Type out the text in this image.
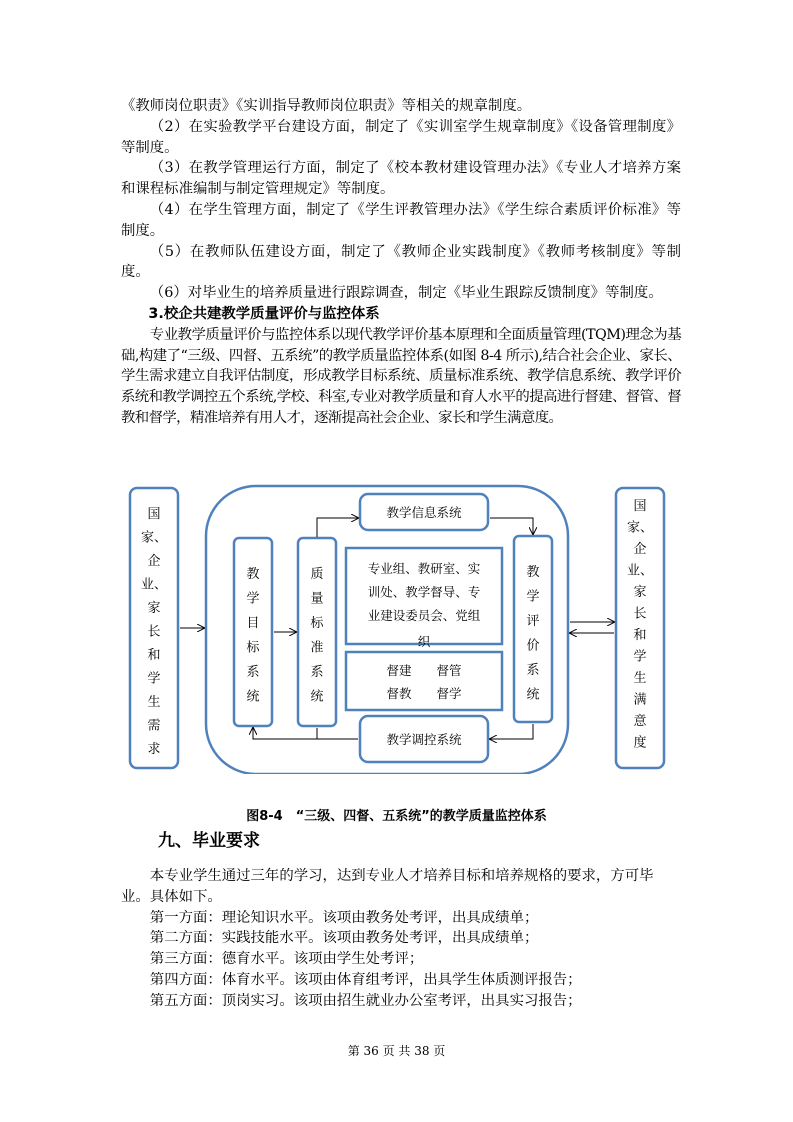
《教师岗位职责》《实训指导教师岗位职责》等相关的规章制度。

（2）在实验教学平台建设方面，制定了《实训室学生规章制度》《设备管理制度》等制度。

（3）在教学管理运行方面，制定了《校本教材建设管理办法》《专业人才培养方案和课程标准编制与制定管理规定》等制度。

（4）在学生管理方面，制定了《学生评教管理办法》《学生综合素质评价标准》等制度。

（5）在教师队伍建设方面，制定了《教师企业实践制度》《教师考核制度》等制度。

（6）对毕业生的培养质量进行跟踪调查，制定《毕业生跟踪反馈制度》等制度。

3.校企共建教学质量评价与监控体系

专业教学质量评价与监控体系以现代教学评价基本原理和全面质量管理(TQM)理念为基础,构建了“三级、四督、五系统”的教学质量监控体系(如图 8-4 所示),结合社会企业、家长、学生需求建立自我评估制度，形成教学目标系统、质量标准系统、教学信息系统、教学评价系统和教学调控五个系统,学校、科室,专业对教学质量和育人水平的提高进行督建、督管、督教和督学，精准培养有用人才，逐渐提高社会企业、家长和学生满意度。

国
家、
企
业、
家
长
和
学
生
需
求
国
家、
企
业、
家
长
和
学
生
满
意
度
教
学
目
标
系
统
质
量
标
准
系
统
教
学
评
价
系
统
教学信息系统
教学调控系统
专业组、教研室、实
训处、教学督导、专
业建设委员会、党组
织
督建　　督管
督教　　督学
图8-4　“三级、四督、五系统”的教学质量监控体系
九、毕业要求

本专业学生通过三年的学习，达到专业人才培养目标和培养规格的要求，方可毕业。具体如下。

第一方面：理论知识水平。该项由教务处考评，出具成绩单；

第二方面：实践技能水平。该项由教务处考评，出具成绩单；

第三方面：德育水平。该项由学生处考评；

第四方面：体育水平。该项由体育组考评，出具学生体质测评报告；

第五方面：顶岗实习。该项由招生就业办公室考评，出具实习报告；

第 36 页 共 38 页
